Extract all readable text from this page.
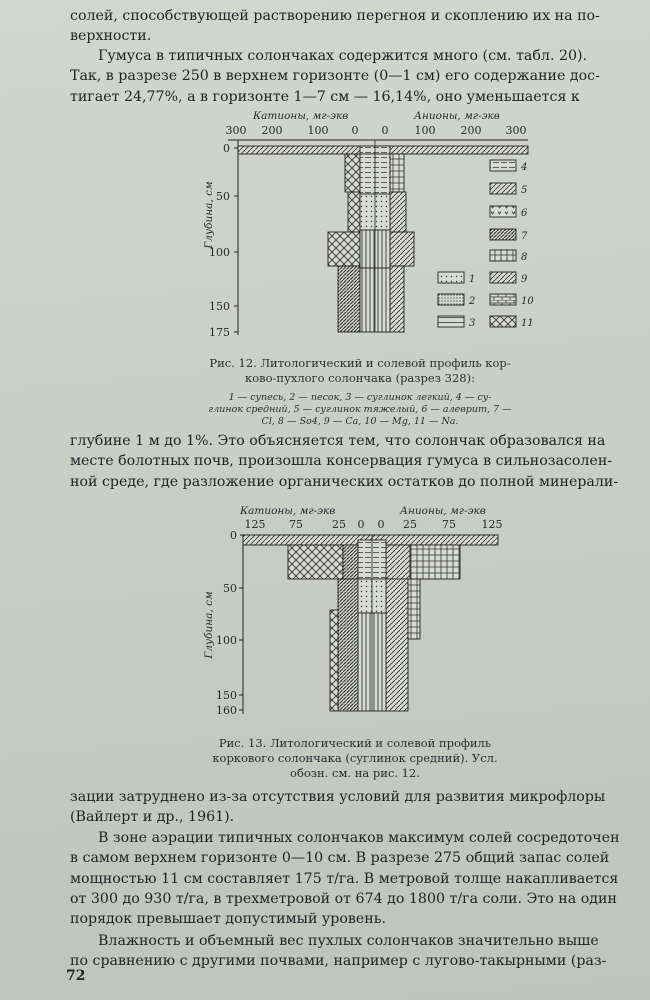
солей, способствующей растворению перегноя и скоплению их на по-
верхности.
Гумуса в типичных солончаках содержится много (см. табл. 20).
Так, в разрезе 250 в верхнем горизонте (0—1 см) его содержание дос-
тигает 24,77%, а в горизонте 1—7 см — 16,14%, оно уменьшается к
Катионы, мг-экв	Анионы, мг-экв
Глубина, см
300 200 100 0 0 100 200 300
0
50
100
150
175
4
5
6
7
8
9
10
11
1
2
3
Катионы, мг-экв	Анионы, мг-экв
Глубина, см
125 75	25 0 0 25 75 125
0
50
100
150
160
Рис. 12. Литологический и солевой профиль кор-
ково-пухлого солончака (разрез 328):
1 — супесь, 2 — песок, 3 — суглинок легкий, 4 — су-
глинок средний, 5 — суглинок тяжелый, 6 — алеврит, 7 —
Cl, 8 — So4, 9 — Ca, 10 — Mg, 11 — Na.
глубине 1 м до 1%. Это объясняется тем, что солончак образовался на
месте болотных почв, произошла консервация гумуса в сильнозасолен-
ной среде, где разложение органических остатков до полной минерали-
Рис. 13. Литологический и солевой профиль
коркового солончака (суглинок средний). Усл.
обозн. см. на рис. 12.
зации затруднено из-за отсутствия условий для развития микрофлоры
(Вайлерт и др., 1961).
В зоне аэрации типичных солончаков максимум солей сосредоточен
в самом верхнем горизонте 0—10 см. В разрезе 275 общий запас солей
мощностью 11 см составляет 175 т/га. В метровой толще накапливается
от 300 до 930 т/га, в трехметровой от 674 до 1800 т/га соли. Это на один
порядок превышает допустимый уровень.
Влажность и объемный вес пухлых солончаков значительно выше
по сравнению с другими почвами, например с лугово-такырными (раз-
72
